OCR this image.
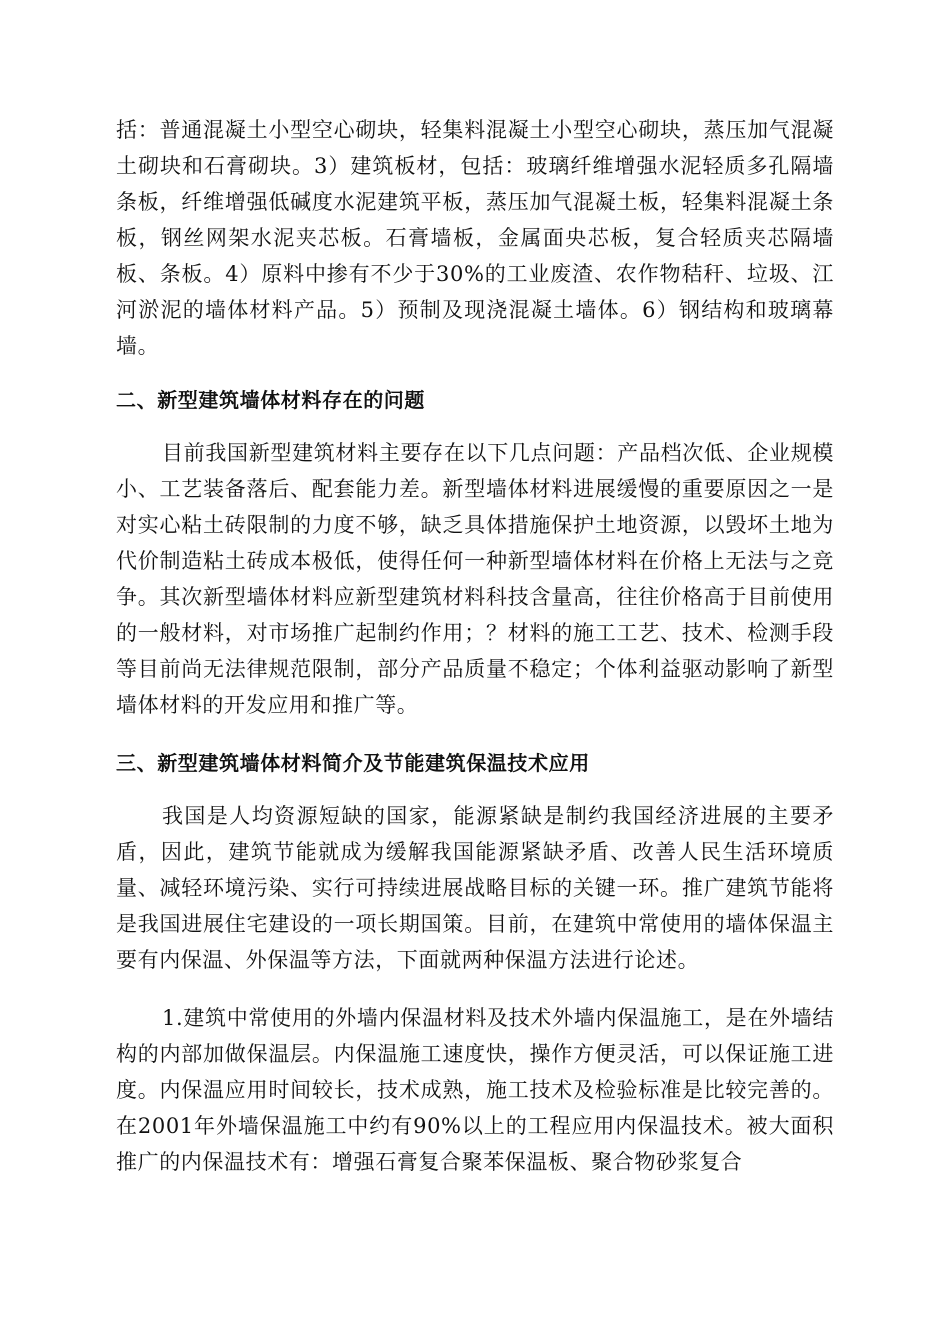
括：普通混凝土小型空心砌块，轻集料混凝土小型空心砌块，蒸压加气混凝土砌块和石膏砌块。3）建筑板材，包括：玻璃纤维增强水泥轻质多孔隔墙条板，纤维增强低碱度水泥建筑平板，蒸压加气混凝土板，轻集料混凝土条板，钢丝网架水泥夹芯板。石膏墙板，金属面央芯板，复合轻质夹芯隔墙板、条板。4）原料中掺有不少于30%的工业废渣、农作物秸秆、垃圾、江河淤泥的墙体材料产品。5）预制及现浇混凝土墙体。6）钢结构和玻璃幕墙。

二、新型建筑墙体材料存在的问题

目前我国新型建筑材料主要存在以下几点问题：产品档次低、企业规模小、工艺装备落后、配套能力差。新型墙体材料进展缓慢的重要原因之一是对实心粘土砖限制的力度不够，缺乏具体措施保护土地资源，以毁坏土地为代价制造粘土砖成本极低，使得任何一种新型墙体材料在价格上无法与之竞争。其次新型墙体材料应新型建筑材料科技含量高，往往价格高于目前使用的一般材料，对市场推广起制约作用；？材料的施工工艺、技术、检测手段等目前尚无法律规范限制，部分产品质量不稳定；个体利益驱动影响了新型墙体材料的开发应用和推广等。

三、新型建筑墙体材料简介及节能建筑保温技术应用

我国是人均资源短缺的国家，能源紧缺是制约我国经济进展的主要矛盾，因此，建筑节能就成为缓解我国能源紧缺矛盾、改善人民生活环境质量、减轻环境污染、实行可持续进展战略目标的关键一环。推广建筑节能将是我国进展住宅建设的一项长期国策。目前，在建筑中常使用的墙体保温主要有内保温、外保温等方法，下面就两种保温方法进行论述。

1.建筑中常使用的外墙内保温材料及技术外墙内保温施工，是在外墙结构的内部加做保温层。内保温施工速度快，操作方便灵活，可以保证施工进度。内保温应用时间较长，技术成熟，施工技术及检验标准是比较完善的。在2001年外墙保温施工中约有90%以上的工程应用内保温技术。被大面积推广的内保温技术有：增强石膏复合聚苯保温板、聚合物砂浆复合
